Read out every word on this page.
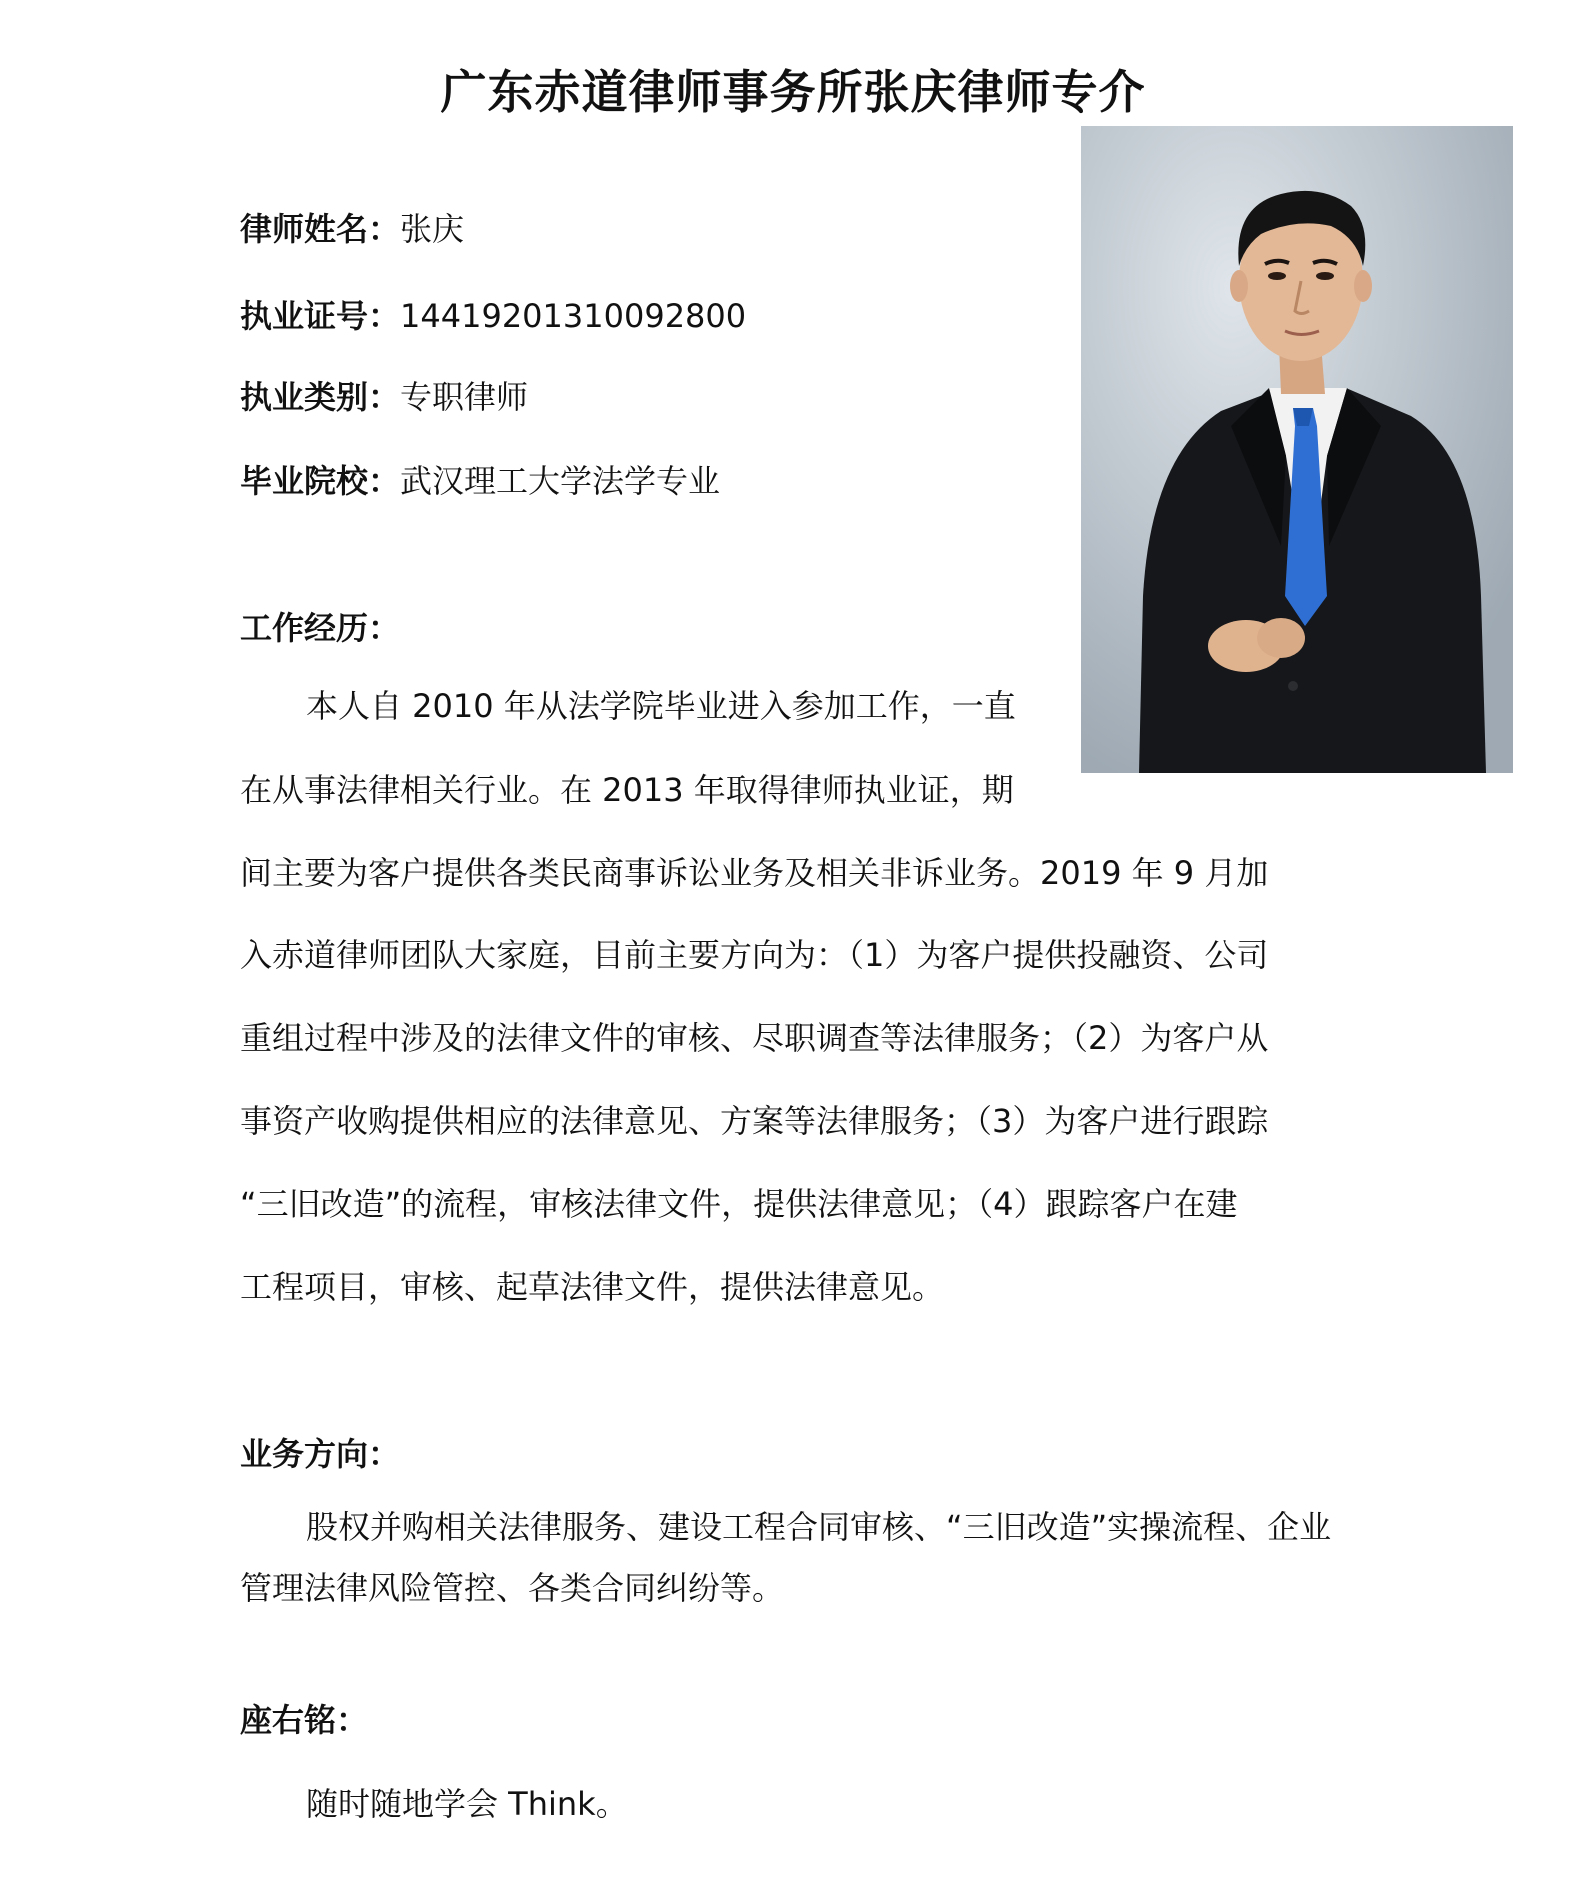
广东赤道律师事务所张庆律师专介
律师姓名：张庆
执业证号：14419201310092800
执业类别：专职律师
毕业院校：武汉理工大学法学专业
工作经历：
本人自 2010 年从法学院毕业进入参加工作，一直
在从事法律相关行业。在 2013 年取得律师执业证，期
间主要为客户提供各类民商事诉讼业务及相关非诉业务。2019 年 9 月加
入赤道律师团队大家庭，目前主要方向为：（1）为客户提供投融资、公司
重组过程中涉及的法律文件的审核、尽职调查等法律服务；（2）为客户从
事资产收购提供相应的法律意见、方案等法律服务；（3）为客户进行跟踪
“三旧改造”的流程，审核法律文件，提供法律意见；（4）跟踪客户在建
工程项目，审核、起草法律文件，提供法律意见。
业务方向：
股权并购相关法律服务、建设工程合同审核、“三旧改造”实操流程、企业
管理法律风险管控、各类合同纠纷等。
座右铭：
随时随地学会 Think。
